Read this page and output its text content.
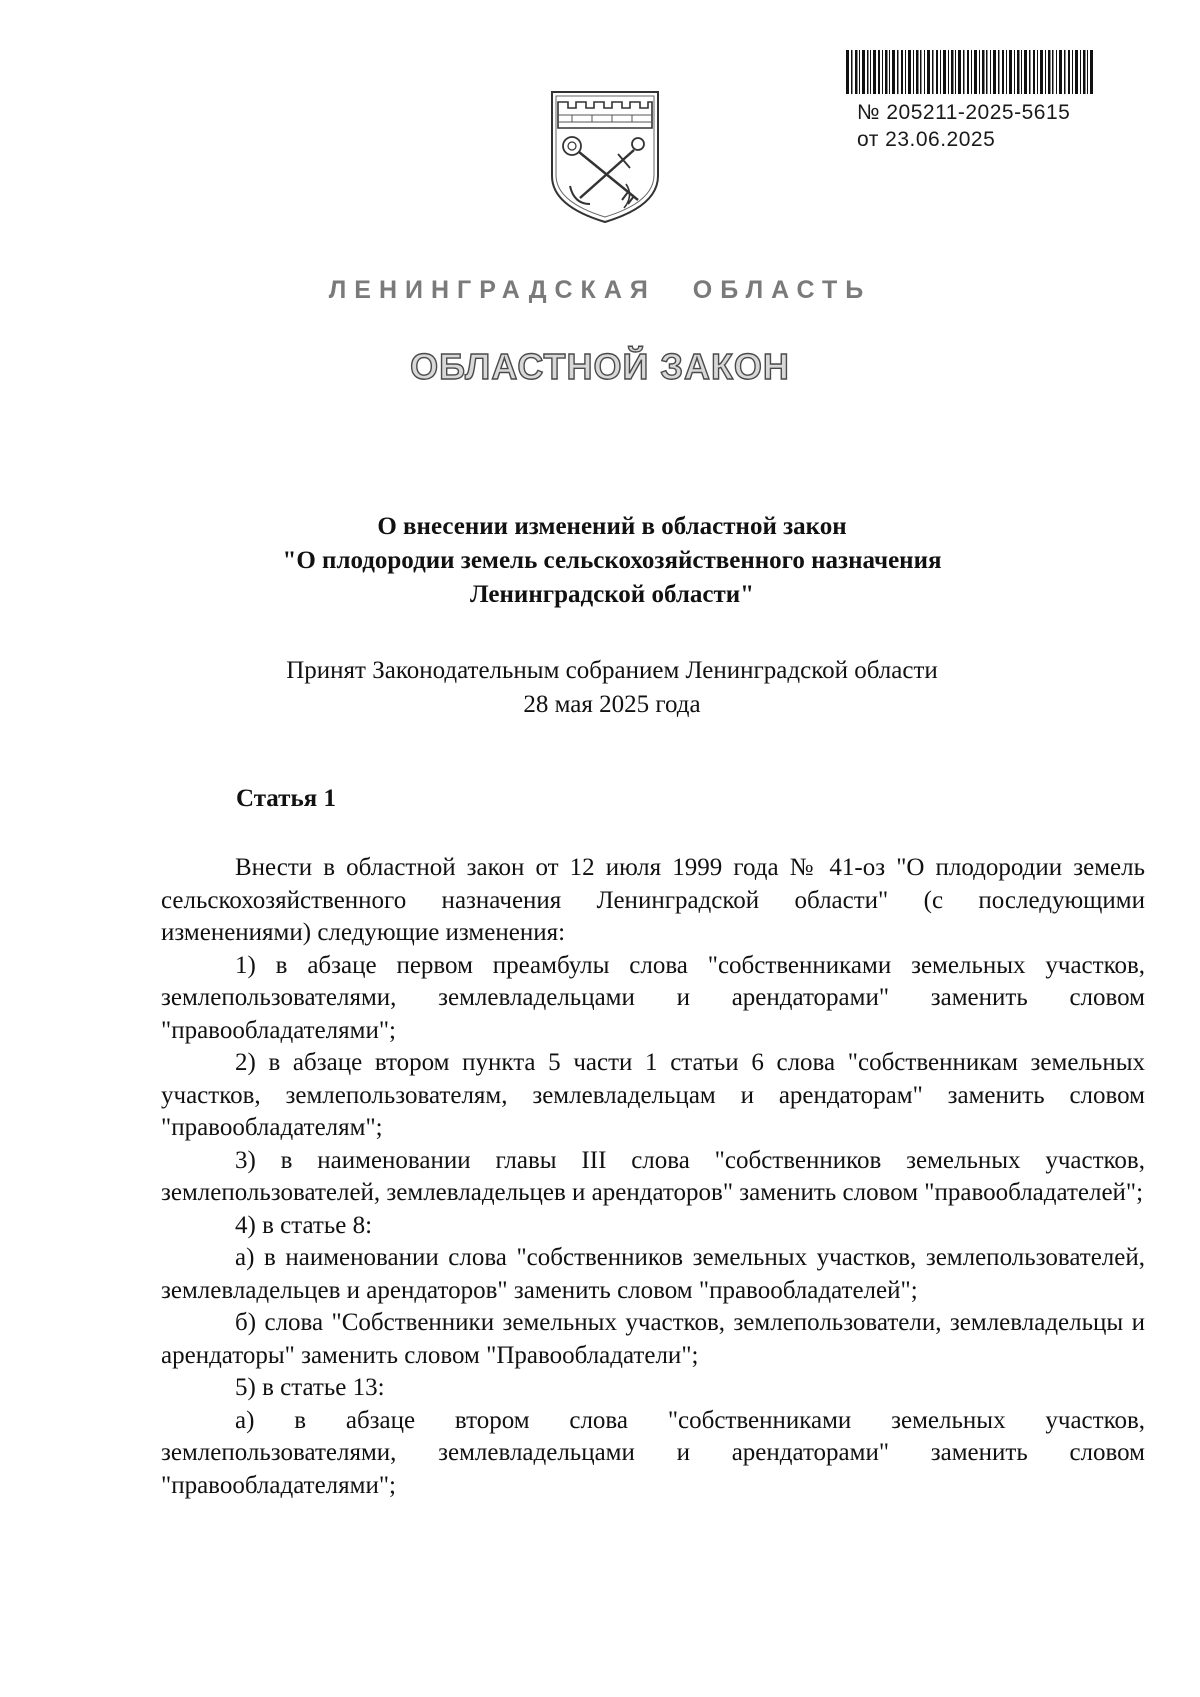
№ 205211-2025-5615
от 23.06.2025
ЛЕНИНГРАДСКАЯ ОБЛАСТЬ
ОБЛАСТНОЙ ЗАКОН
О внесении изменений в областной закон
"О плодородии земель сельскохозяйственного назначения
Ленинградской области"
Принят Законодательным собранием Ленинградской области
28 мая 2025 года
Статья 1

Внести в областной закон от 12 июля 1999 года № 41-оз "О плодородии земель сельскохозяйственного назначения Ленинградской области" (с последующими изменениями) следующие изменения:

1) в абзаце первом преамбулы слова "собственниками земельных участков, землепользователями, землевладельцами и арендаторами" заменить словом "правообладателями";

2) в абзаце втором пункта 5 части 1 статьи 6 слова "собственникам земельных участков, землепользователям, землевладельцам и арендаторам" заменить словом "правообладателям";

3) в наименовании главы III слова "собственников земельных участков, землепользователей, землевладельцев и арендаторов" заменить словом "правообладателей";

4) в статье 8:

а) в наименовании слова "собственников земельных участков, землепользователей, землевладельцев и арендаторов" заменить словом "правообладателей";

б) слова "Собственники земельных участков, землепользователи, землевладельцы и арендаторы" заменить словом "Правообладатели";

5) в статье 13:

а) в абзаце втором слова "собственниками земельных участков, землепользователями, землевладельцами и арендаторами" заменить словом "правообладателями";
